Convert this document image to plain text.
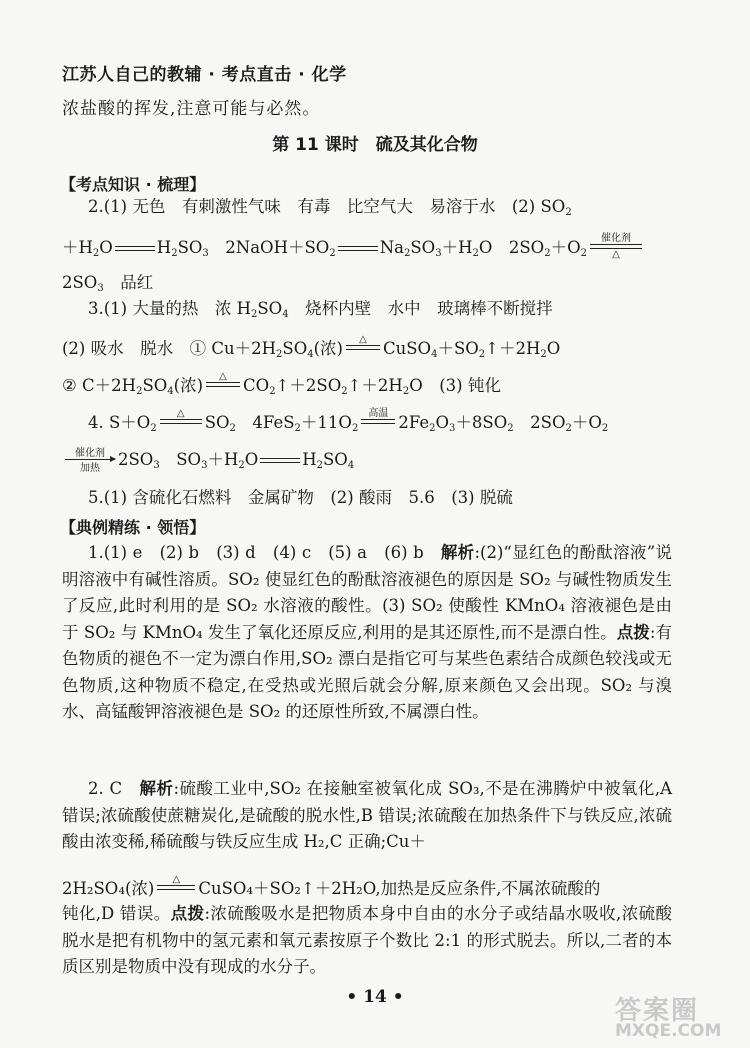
江苏人自己的教辅 · 考点直击 · 化学
浓盐酸的挥发,注意可能与必然。
第 11 课时　硫及其化合物
【考点知识 · 梳理】
2.(1) 无色　有刺激性气味　有毒　比空气大　易溶于水　(2) $SO_2$
$+H_2O$	$H_2SO_3$　$2NaOH+SO_2$	$Na_2SO_3+H_2O$　$2SO_2+O_2$
催化剂
△
$2SO_3$　品红
3.(1) 大量的热　浓 $H_2SO_4$　烧杯内壁　水中　玻璃棒不断搅拌
(2) 吸水　脱水　① $Cu+2H_2SO_4$(浓)	△
$CuSO_4+SO_2↑+2H_2O$
② $C+2H_2SO_4$(浓)	△
$CO_2↑+2SO_2↑+2H_2O$　(3) 钝化
4. $S+O_2$
△
	$SO_2$　$4FeS_2+11O_2$
高温
$2Fe_2O_3+8SO_2$　$2SO_2+O_2$
催化剂
加热	$2SO_3$　$SO_3+H_2O$	$H_2SO_4$
5.(1) 含硫化石燃料　金属矿物　(2) 酸雨　5.6　(3) 脱硫
【典例精练 · 领悟】
1.(1) e　(2) b　(3) d　(4) c　(5) a　(6) b　解析:(2)“显红色的酚酞溶液”说明溶液中有碱性溶质。SO₂ 使显红色的酚酞溶液褪色的原因是 SO₂ 与碱性物质发生了反应,此时利用的是 SO₂ 水溶液的酸性。(3) SO₂ 使酸性 KMnO₄ 溶液褪色是由于 SO₂ 与 KMnO₄ 发生了氧化还原反应,利用的是其还原性,而不是漂白性。点拨:有色物质的褪色不一定为漂白作用,SO₂ 漂白是指它可与某些色素结合成颜色较浅或无色物质,这种物质不稳定,在受热或光照后就会分解,原来颜色又会出现。SO₂ 与溴水、高锰酸钾溶液褪色是 SO₂ 的还原性所致,不属漂白性。
2. C　解析:硫酸工业中,SO₂ 在接触室被氧化成 SO₃,不是在沸腾炉中被氧化,A 错误;浓硫酸使蔗糖炭化,是硫酸的脱水性,B 错误;浓硫酸在加热条件下与铁反应,浓硫酸由浓变稀,稀硫酸与铁反应生成 H₂,C 正确;Cu＋
2H₂SO₄(浓)	△
	CuSO₄＋SO₂↑＋2H₂O,加热是反应条件,不属浓硫酸的
钝化,D 错误。点拨:浓硫酸吸水是把物质本身中自由的水分子或结晶水吸收,浓硫酸脱水是把有机物中的氢元素和氧元素按原子个数比 2:1 的形式脱去。所以,二者的本质区别是物质中没有现成的水分子。
• 14 •	答案圈
MXQE.COM
